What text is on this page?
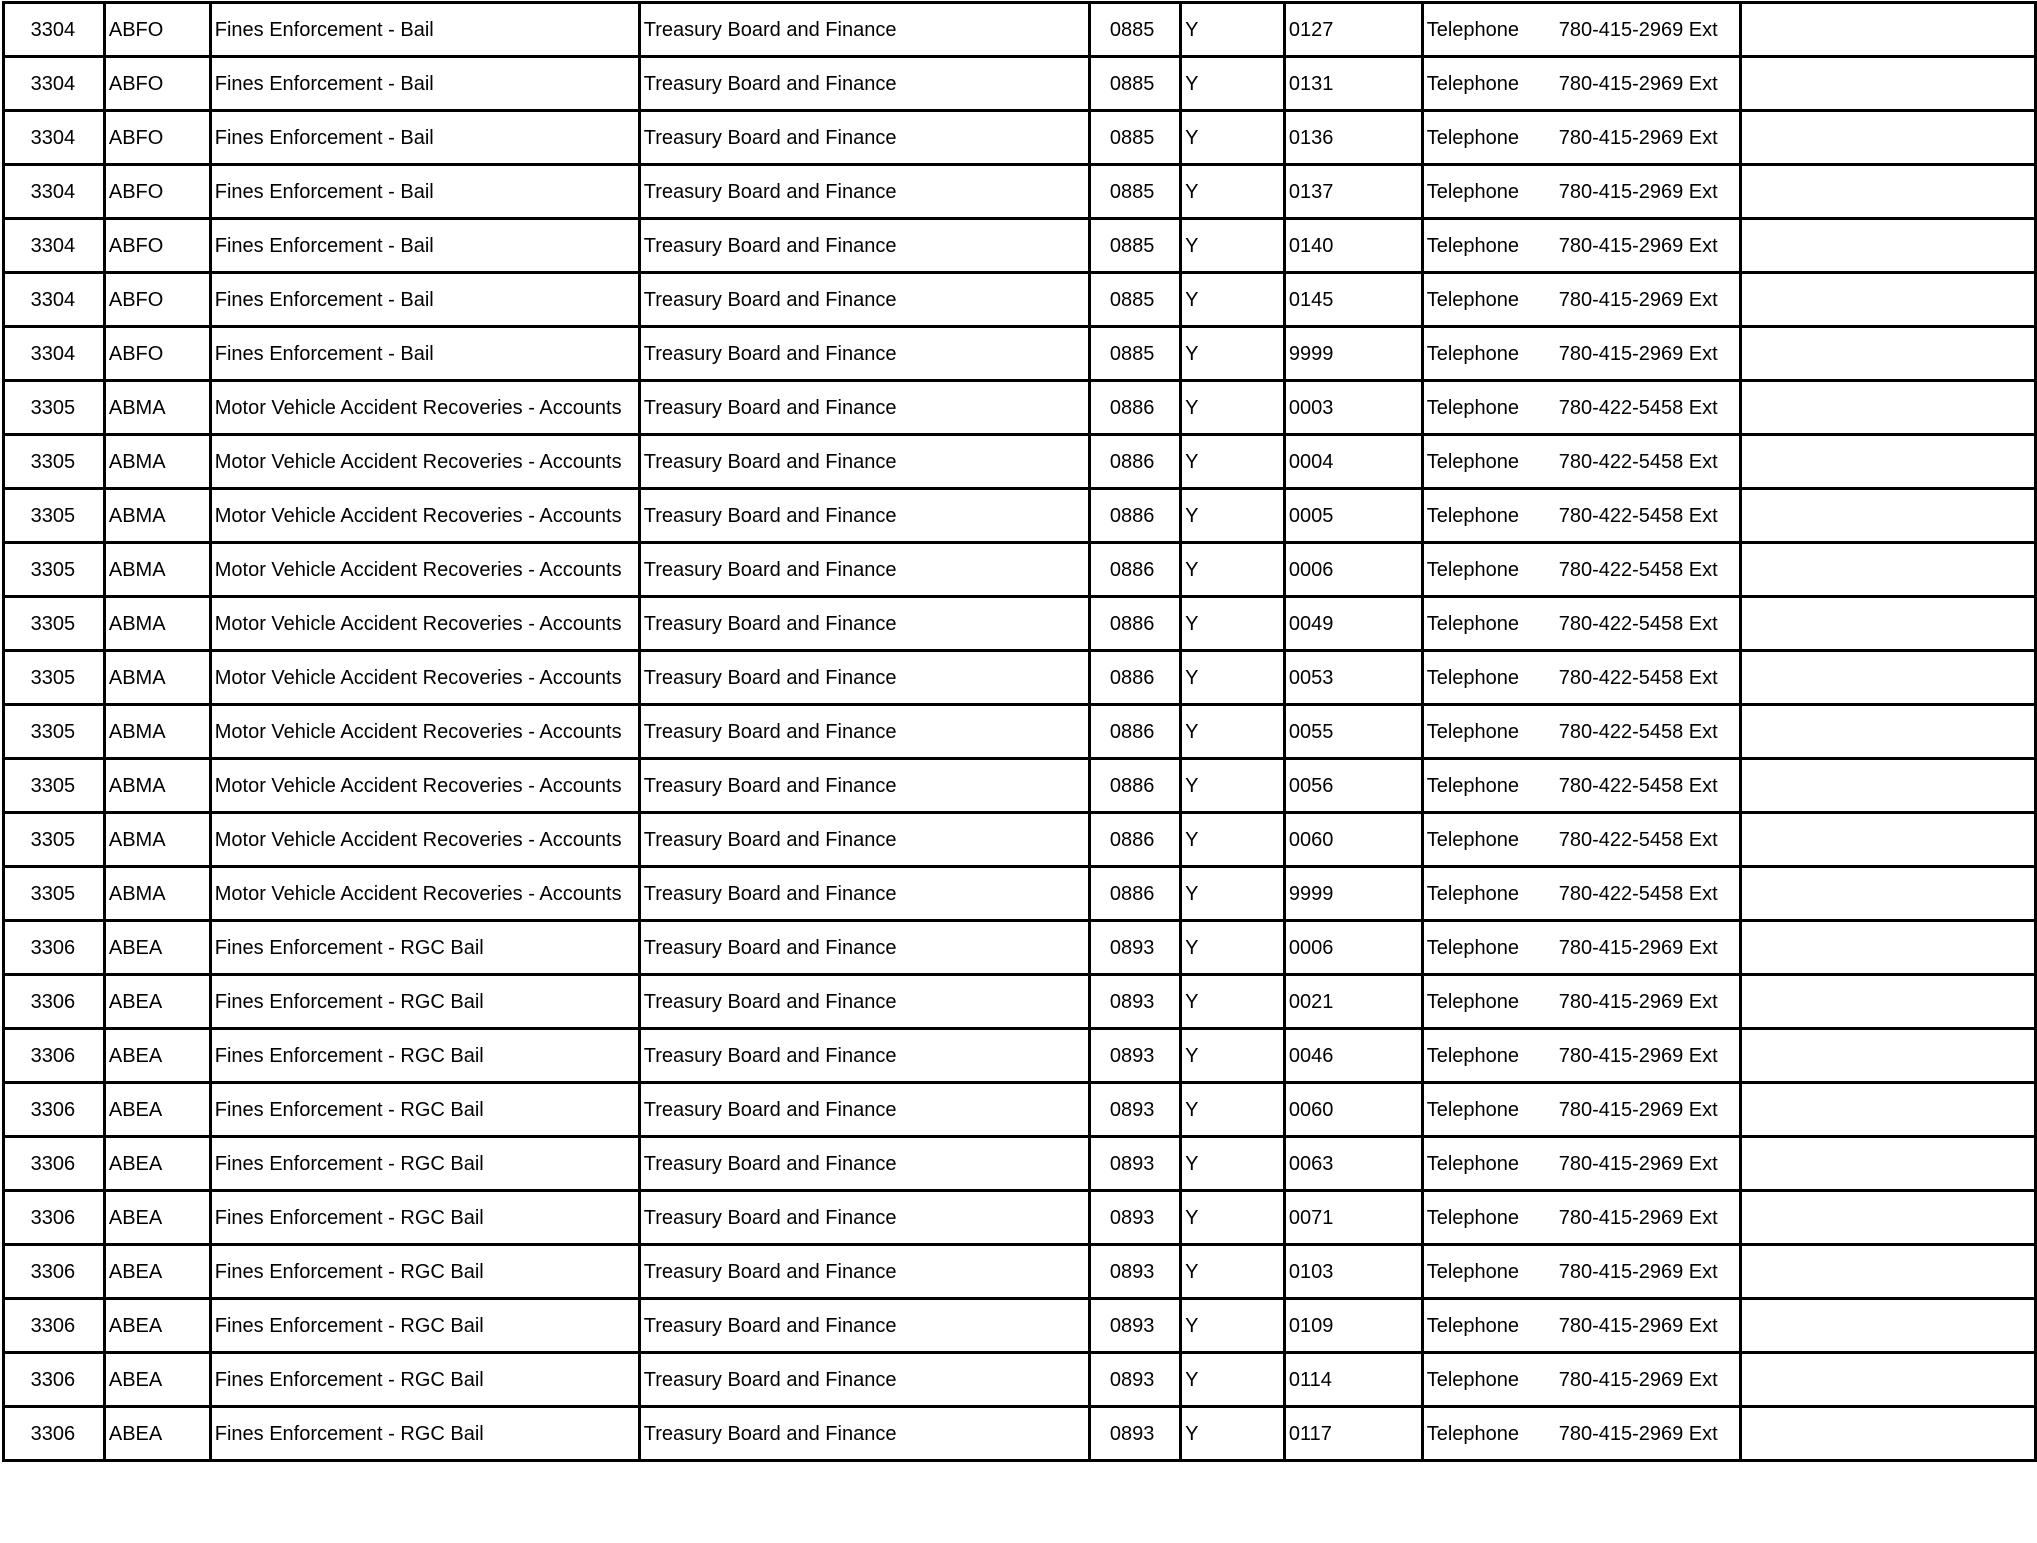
3304	ABFO	Fines Enforcement - Bail	Treasury Board and Finance	0885	Y	0127	Telephone 780-415-2969 Ext	
3304	ABFO	Fines Enforcement - Bail	Treasury Board and Finance	0885	Y	0131	Telephone 780-415-2969 Ext	
3304	ABFO	Fines Enforcement - Bail	Treasury Board and Finance	0885	Y	0136	Telephone 780-415-2969 Ext	
3304	ABFO	Fines Enforcement - Bail	Treasury Board and Finance	0885	Y	0137	Telephone 780-415-2969 Ext	
3304	ABFO	Fines Enforcement - Bail	Treasury Board and Finance	0885	Y	0140	Telephone 780-415-2969 Ext	
3304	ABFO	Fines Enforcement - Bail	Treasury Board and Finance	0885	Y	0145	Telephone 780-415-2969 Ext	
3304	ABFO	Fines Enforcement - Bail	Treasury Board and Finance	0885	Y	9999	Telephone 780-415-2969 Ext	
3305	ABMA	Motor Vehicle Accident Recoveries - Accounts	Treasury Board and Finance	0886	Y	0003	Telephone 780-422-5458 Ext	
3305	ABMA	Motor Vehicle Accident Recoveries - Accounts	Treasury Board and Finance	0886	Y	0004	Telephone 780-422-5458 Ext	
3305	ABMA	Motor Vehicle Accident Recoveries - Accounts	Treasury Board and Finance	0886	Y	0005	Telephone 780-422-5458 Ext	
3305	ABMA	Motor Vehicle Accident Recoveries - Accounts	Treasury Board and Finance	0886	Y	0006	Telephone 780-422-5458 Ext	
3305	ABMA	Motor Vehicle Accident Recoveries - Accounts	Treasury Board and Finance	0886	Y	0049	Telephone 780-422-5458 Ext	
3305	ABMA	Motor Vehicle Accident Recoveries - Accounts	Treasury Board and Finance	0886	Y	0053	Telephone 780-422-5458 Ext	
3305	ABMA	Motor Vehicle Accident Recoveries - Accounts	Treasury Board and Finance	0886	Y	0055	Telephone 780-422-5458 Ext	
3305	ABMA	Motor Vehicle Accident Recoveries - Accounts	Treasury Board and Finance	0886	Y	0056	Telephone 780-422-5458 Ext	
3305	ABMA	Motor Vehicle Accident Recoveries - Accounts	Treasury Board and Finance	0886	Y	0060	Telephone 780-422-5458 Ext	
3305	ABMA	Motor Vehicle Accident Recoveries - Accounts	Treasury Board and Finance	0886	Y	9999	Telephone 780-422-5458 Ext	
3306	ABEA	Fines Enforcement - RGC Bail	Treasury Board and Finance	0893	Y	0006	Telephone 780-415-2969 Ext	
3306	ABEA	Fines Enforcement - RGC Bail	Treasury Board and Finance	0893	Y	0021	Telephone 780-415-2969 Ext	
3306	ABEA	Fines Enforcement - RGC Bail	Treasury Board and Finance	0893	Y	0046	Telephone 780-415-2969 Ext	
3306	ABEA	Fines Enforcement - RGC Bail	Treasury Board and Finance	0893	Y	0060	Telephone 780-415-2969 Ext	
3306	ABEA	Fines Enforcement - RGC Bail	Treasury Board and Finance	0893	Y	0063	Telephone 780-415-2969 Ext	
3306	ABEA	Fines Enforcement - RGC Bail	Treasury Board and Finance	0893	Y	0071	Telephone 780-415-2969 Ext	
3306	ABEA	Fines Enforcement - RGC Bail	Treasury Board and Finance	0893	Y	0103	Telephone 780-415-2969 Ext	
3306	ABEA	Fines Enforcement - RGC Bail	Treasury Board and Finance	0893	Y	0109	Telephone 780-415-2969 Ext	
3306	ABEA	Fines Enforcement - RGC Bail	Treasury Board and Finance	0893	Y	0114	Telephone 780-415-2969 Ext	
3306	ABEA	Fines Enforcement - RGC Bail	Treasury Board and Finance	0893	Y	0117	Telephone 780-415-2969 Ext	
